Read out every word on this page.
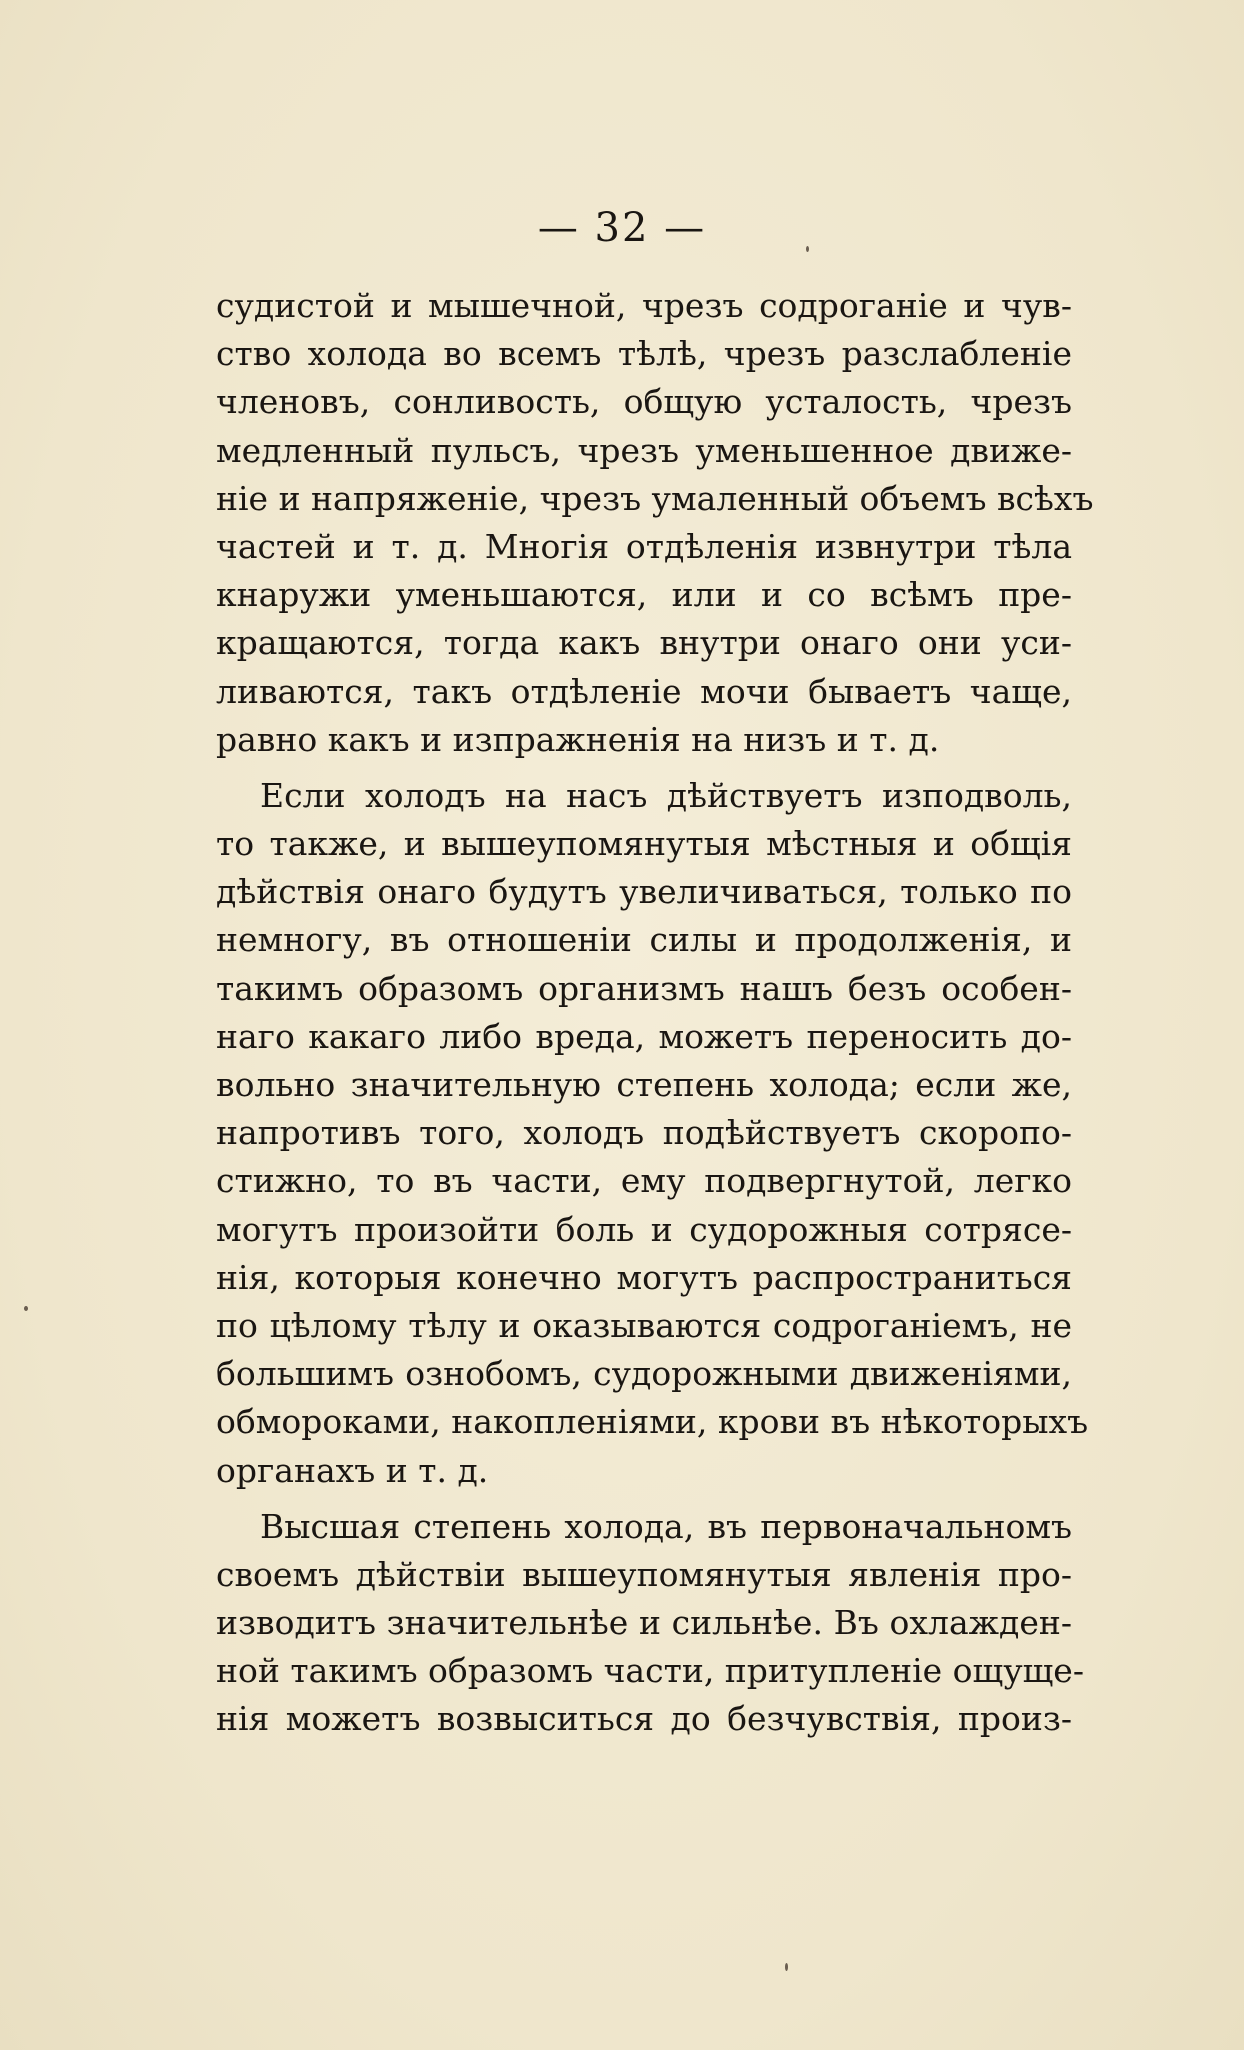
— 32 —
судистой и мышечной, чрезъ содроганіе и чув-
ство холода во всемъ тѣлѣ, чрезъ разслабленіе
членовъ, сонливость, общую усталость, чрезъ
медленный пульсъ, чрезъ уменьшенное движе-
ніе и напряженіе, чрезъ умаленный объемъ всѣхъ
частей и т. д. Многія отдѣленія извнутри тѣла
кнаружи уменьшаются, или и со всѣмъ пре-
кращаются, тогда какъ внутри онаго они уси-
ливаются, такъ отдѣленіе мочи бываетъ чаще,
равно какъ и изпражненія на низъ и т. д.
Если холодъ на насъ дѣйствуетъ изподволь,
то также, и вышеупомянутыя мѣстныя и общія
дѣйствія онаго будутъ увеличиваться, только по
немногу, въ отношеніи силы и продолженія, и
такимъ образомъ организмъ нашъ безъ особен-
наго какаго либо вреда, можетъ переносить до-
вольно значительную степень холода; если же,
напротивъ того, холодъ подѣйствуетъ скоропо-
стижно, то въ части, ему подвергнутой, легко
могутъ произойти боль и судорожныя сотрясе-
нія, которыя конечно могутъ распространиться
по цѣлому тѣлу и оказываются содроганіемъ, не
большимъ ознобомъ, судорожными движеніями,
обмороками, накопленіями, крови въ нѣкоторыхъ
органахъ и т. д.
Высшая степень холода, въ первоначальномъ
своемъ дѣйствіи вышеупомянутыя явленія про-
изводитъ значительнѣе и сильнѣе. Въ охлажден-
ной такимъ образомъ части, притупленіе ощуще-
нія можетъ возвыситься до безчувствія, произ-
